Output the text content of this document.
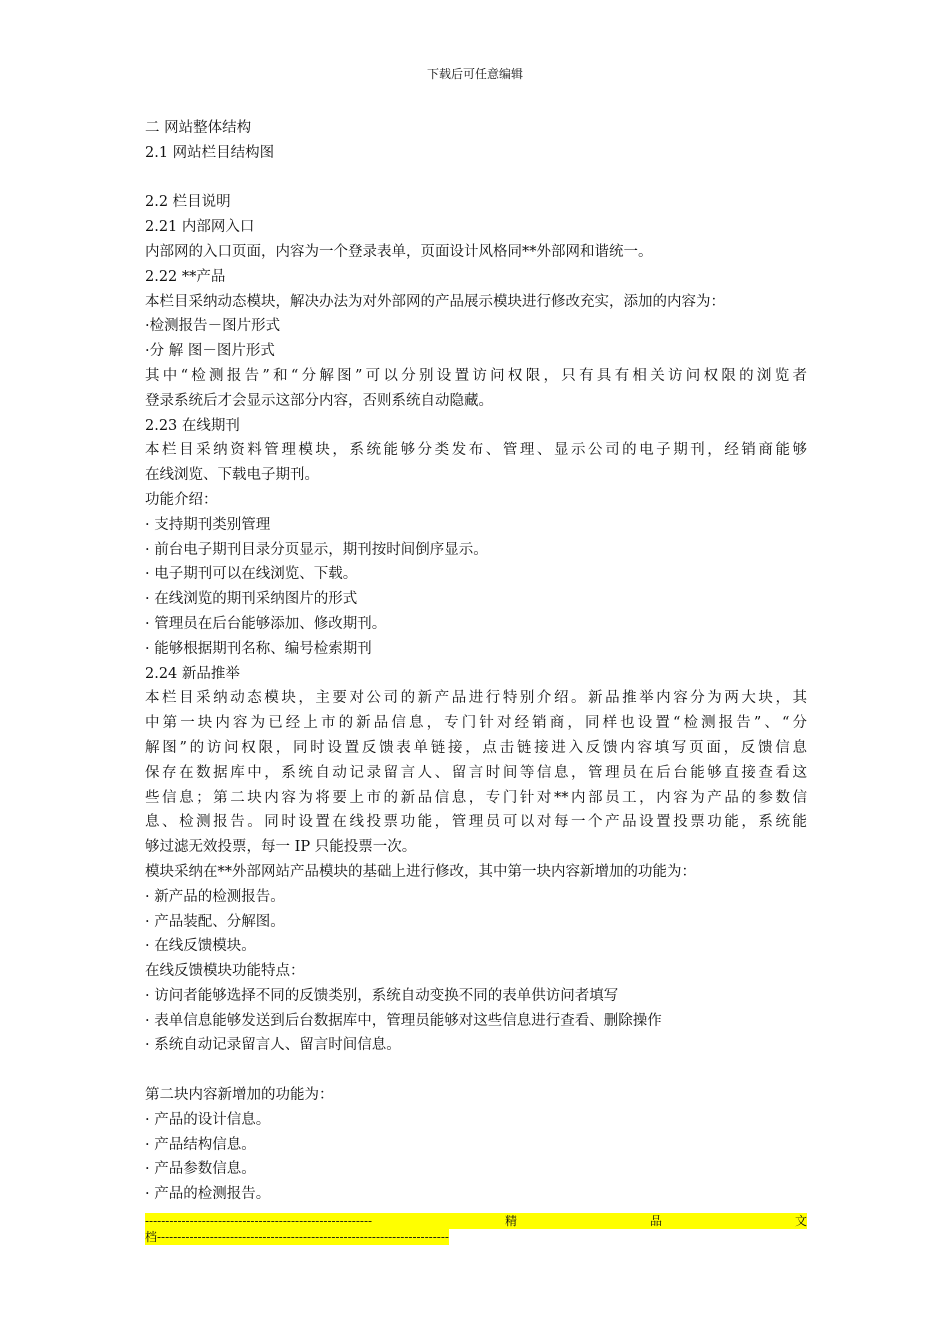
下载后可任意编辑
二 网站整体结构
2.1 网站栏目结构图
2.2 栏目说明
2.21 内部网入口
内部网的入口页面，内容为一个登录表单，页面设计风格同**外部网和谐统一。
2.22 **产品
本栏目采纳动态模块，解决办法为对外部网的产品展示模块进行修改充实，添加的内容为：
·检测报告－图片形式
·分 解 图－图片形式
其中“检测报告”和“分解图”可以分别设置访问权限，只有具有相关访问权限的浏览者
登录系统后才会显示这部分内容，否则系统自动隐藏。
2.23 在线期刊
本栏目采纳资料管理模块，系统能够分类发布、管理、显示公司的电子期刊，经销商能够
在线浏览、下载电子期刊。
功能介绍：
· 支持期刊类别管理
· 前台电子期刊目录分页显示，期刊按时间倒序显示。
· 电子期刊可以在线浏览、下载。
· 在线浏览的期刊采纳图片的形式
· 管理员在后台能够添加、修改期刊。
· 能够根据期刊名称、编号检索期刊
2.24 新品推举
本栏目采纳动态模块，主要对公司的新产品进行特别介绍。新品推举内容分为两大块，其
中第一块内容为已经上市的新品信息，专门针对经销商，同样也设置“检测报告”、“分
解图”的访问权限，同时设置反馈表单链接，点击链接进入反馈内容填写页面，反馈信息
保存在数据库中，系统自动记录留言人、留言时间等信息，管理员在后台能够直接查看这
些信息；第二块内容为将要上市的新品信息，专门针对**内部员工，内容为产品的参数信
息、检测报告。同时设置在线投票功能，管理员可以对每一个产品设置投票功能，系统能
够过滤无效投票，每一 IP 只能投票一次。
模块采纳在**外部网站产品模块的基础上进行修改，其中第一块内容新增加的功能为：
· 新产品的检测报告。
· 产品装配、分解图。
· 在线反馈模块。
在线反馈模块功能特点：
· 访问者能够选择不同的反馈类别，系统自动变换不同的表单供访问者填写
· 表单信息能够发送到后台数据库中，管理员能够对这些信息进行查看、删除操作
· 系统自动记录留言人、留言时间信息。
第二块内容新增加的功能为：
· 产品的设计信息。
· 产品结构信息。
· 产品参数信息。
· 产品的检测报告。
--------------------------------------------------------	精	品	文
档------------------------------------------------------------------------
